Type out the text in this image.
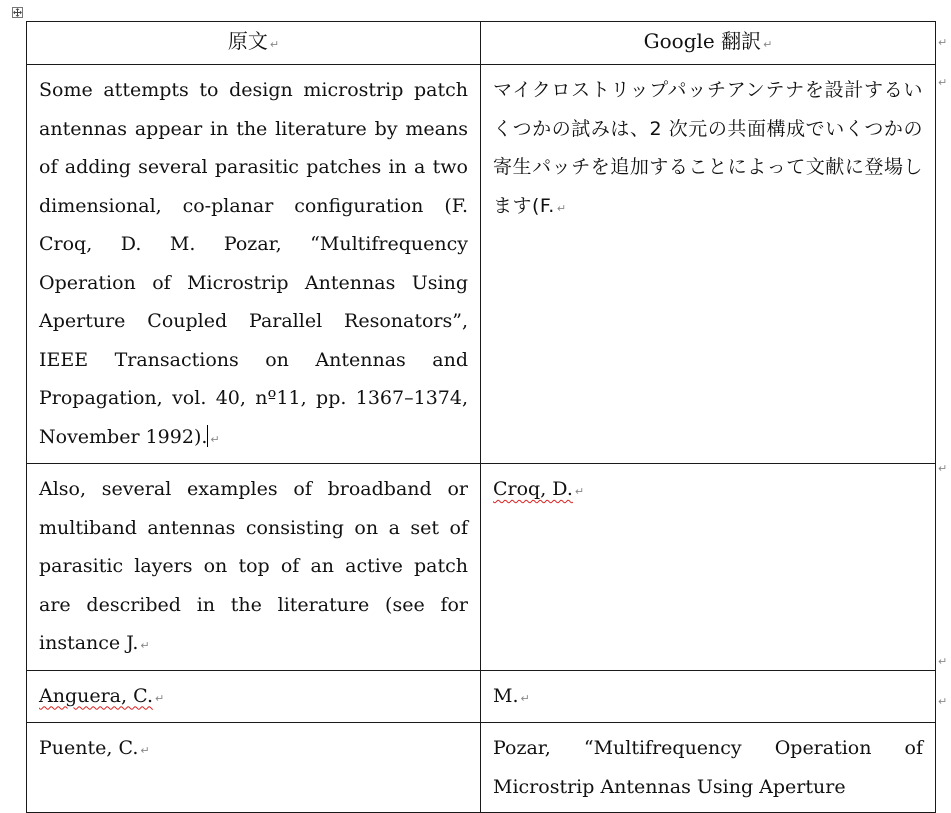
原文 ↵	Google 翻訳 ↵
Some attempts to design microstrip patch antennas appear in the literature by means of adding several parasitic patches in a two dimensional, co-planar configuration (F. Croq, D. M. Pozar, “Multifrequency Operation of Microstrip Antennas Using Aperture Coupled Parallel Resonators”, IEEE Transactions on Antennas and Propagation, vol. 40, nº11, pp. 1367–1374, November 1992). ↵	マイクロストリップパッチアンテナを設計するいくつかの試みは、2 次元の共面構成でいくつかの寄生パッチを追加することによって文献に登場します(F. ↵
Also, several examples of broadband or multiband antennas consisting on a set of parasitic layers on top of an active patch are described in the literature (see for instance J. ↵	Croq, D. ↵
Anguera, C. ↵	M. ↵
Puente, C. ↵	Pozar, “Multifrequency Operation of Microstrip Antennas Using Aperture
↵
↵
↵
↵
↵
